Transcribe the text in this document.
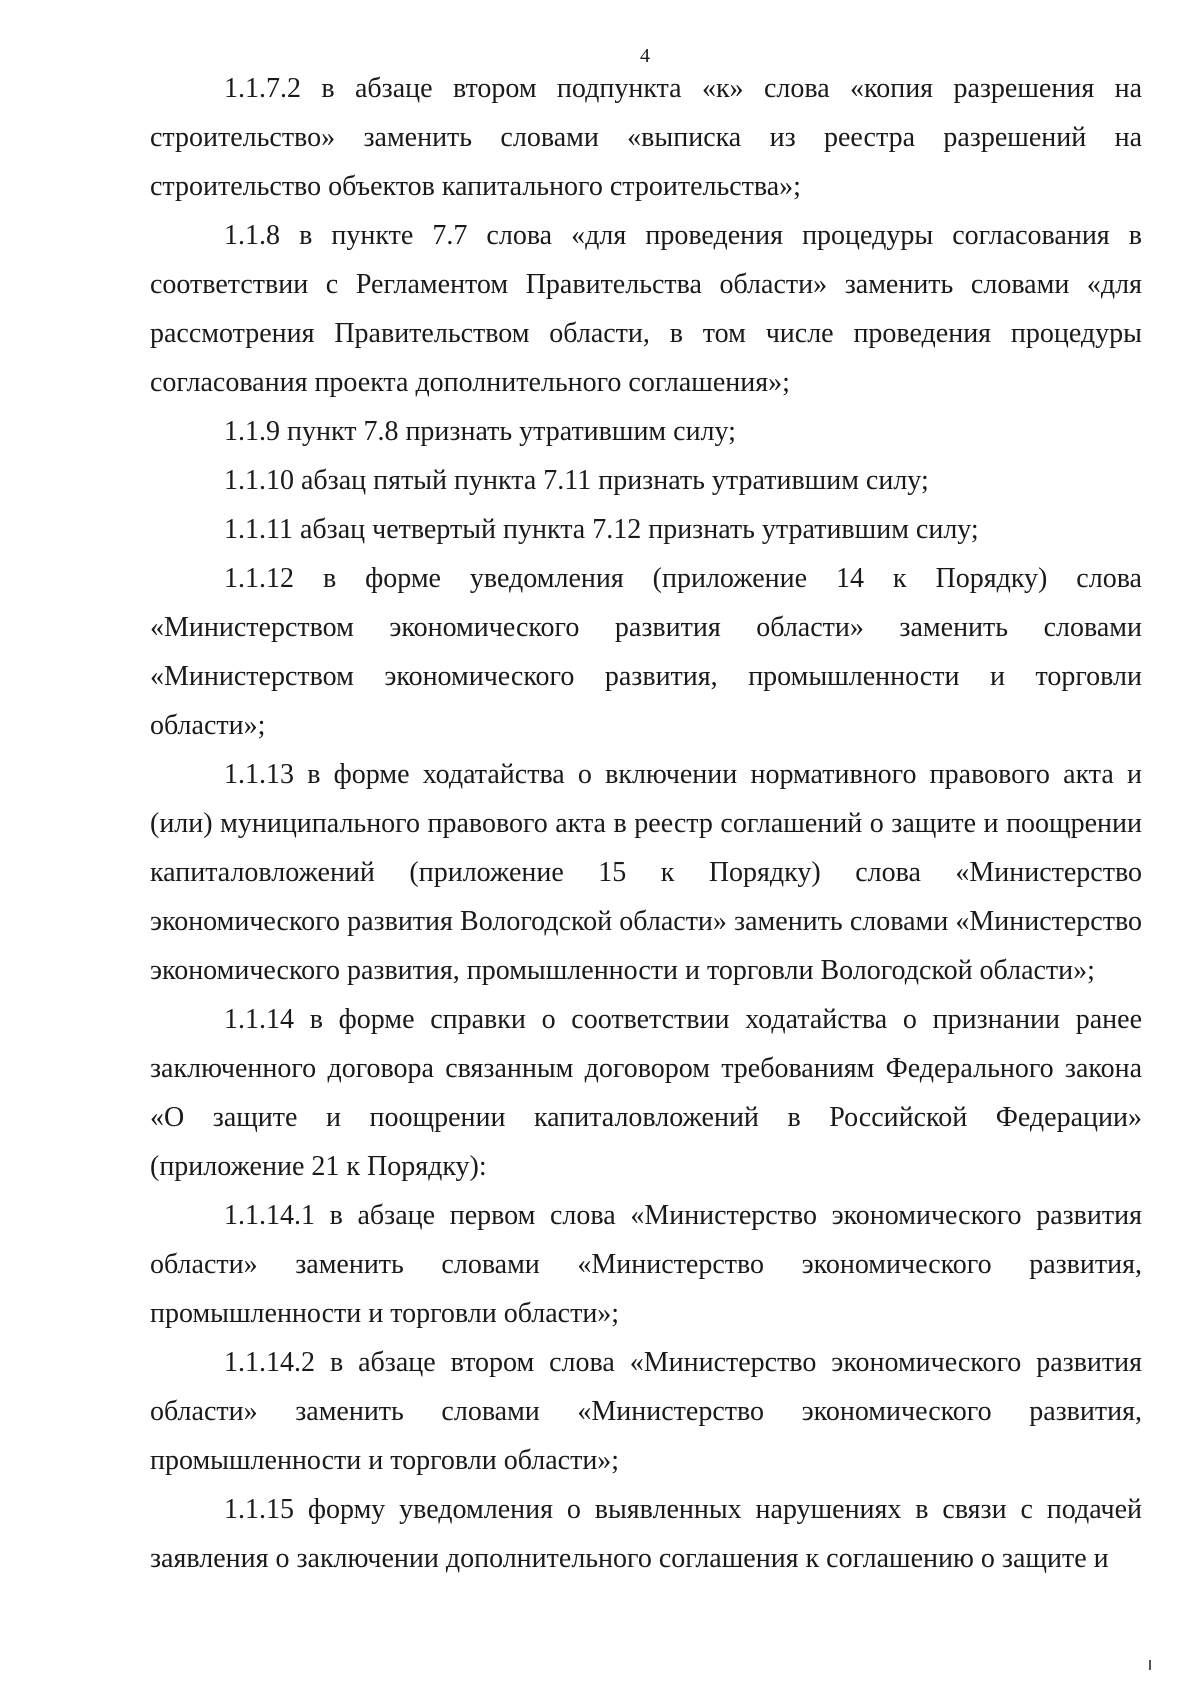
4

1.1.7.2 в абзаце втором подпункта «к» слова «копия разрешения на строительство» заменить словами «выписка из реестра разрешений на строительство объектов капитального строительства»;

1.1.8 в пункте 7.7 слова «для проведения процедуры согласования в соответствии с Регламентом Правительства области» заменить словами «для рассмотрения Правительством области, в том числе проведения процедуры согласования проекта дополнительного соглашения»;

1.1.9 пункт 7.8 признать утратившим силу;

1.1.10 абзац пятый пункта 7.11 признать утратившим силу;

1.1.11 абзац четвертый пункта 7.12 признать утратившим силу;

1.1.12 в форме уведомления (приложение 14 к Порядку) слова «Министерством экономического развития области» заменить словами «Министерством экономического развития, промышленности и торговли области»;

1.1.13 в форме ходатайства о включении нормативного правового акта и (или) муниципального правового акта в реестр соглашений о защите и поощрении капиталовложений (приложение 15 к Порядку) слова «Министерство экономического развития Вологодской области» заменить словами «Министерство экономического развития, промышленности и торговли Вологодской области»;

1.1.14 в форме справки о соответствии ходатайства о признании ранее заключенного договора связанным договором требованиям Федерального закона «О защите и поощрении капиталовложений в Российской Федерации» (приложение 21 к Порядку):

1.1.14.1 в абзаце первом слова «Министерство экономического развития области» заменить словами «Министерство экономического развития, промышленности и торговли области»;

1.1.14.2 в абзаце втором слова «Министерство экономического развития области» заменить словами «Министерство экономического развития, промышленности и торговли области»;

1.1.15 форму уведомления о выявленных нарушениях в связи с подачей заявления о заключении дополнительного соглашения к соглашению о защите и
